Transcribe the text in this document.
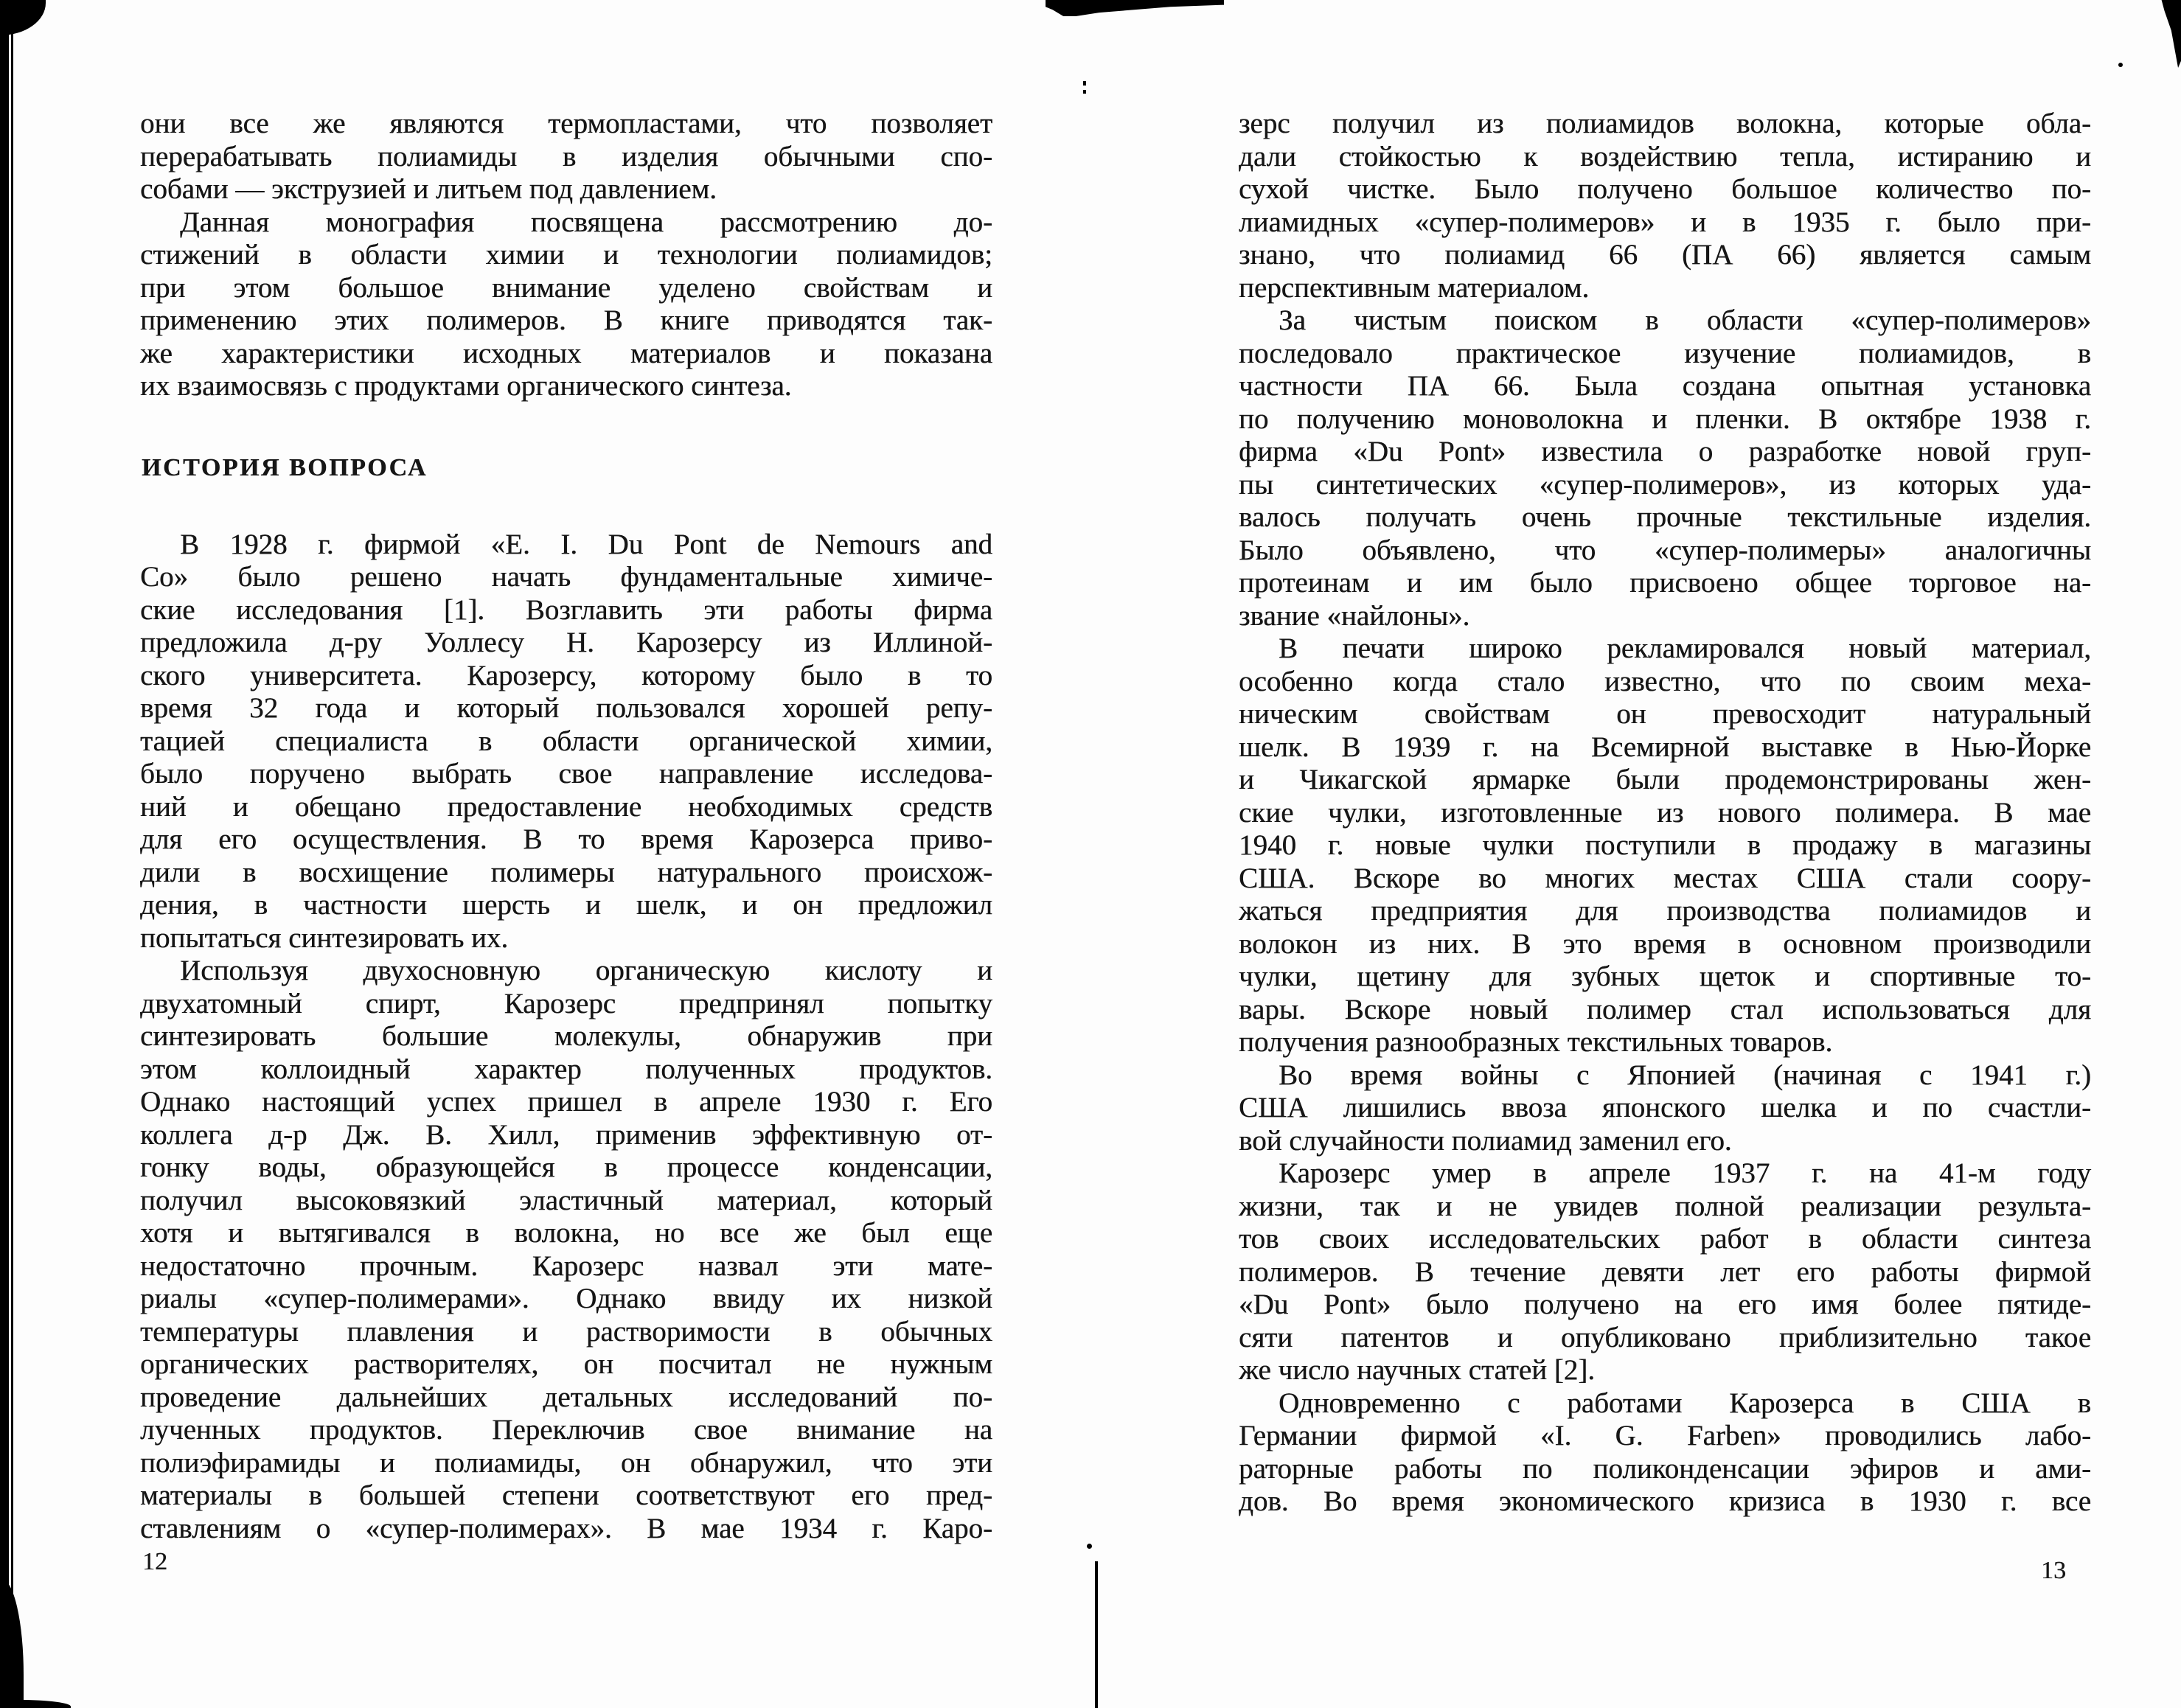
они все же являются термопластами, что позволяет
перерабатывать полиамиды в изделия обычными спо-
собами — экструзией и литьем под давлением.
Данная монография посвящена рассмотрению до-
стижений в области химии и технологии полиамидов;
при этом большое внимание уделено свойствам и
применению этих полимеров. В книге приводятся так-
же характеристики исходных материалов и показана
их взаимосвязь с продуктами органического синтеза.
ИСТОРИЯ ВОПРОСА
В 1928 г. фирмой «E. I. Du Pont de Nemours and
Co» было решено начать фундаментальные химиче-
ские исследования [1]. Возглавить эти работы фирма
предложила д-ру Уоллесу Н. Карозерсу из Иллиной-
ского университета. Карозерсу, которому было в то
время 32 года и который пользовался хорошей репу-
тацией специалиста в области органической химии,
было поручено выбрать свое направление исследова-
ний и обещано предоставление необходимых средств
для его осуществления. В то время Карозерса приво-
дили в восхищение полимеры натурального происхож-
дения, в частности шерсть и шелк, и он предложил
попытаться синтезировать их.
Используя двухосновную органическую кислоту и
двухатомный спирт, Карозерс предпринял попытку
синтезировать большие молекулы, обнаружив при
этом коллоидный характер полученных продуктов.
Однако настоящий успех пришел в апреле 1930 г. Его
коллега д-р Дж. В. Хилл, применив эффективную от-
гонку воды, образующейся в процессе конденсации,
получил высоковязкий эластичный материал, который
хотя и вытягивался в волокна, но все же был еще
недостаточно прочным. Карозерс назвал эти мате-
риалы «супер-полимерами». Однако ввиду их низкой
температуры плавления и растворимости в обычных
органических растворителях, он посчитал не нужным
проведение дальнейших детальных исследований по-
лученных продуктов. Переключив свое внимание на
полиэфирамиды и полиамиды, он обнаружил, что эти
материалы в большей степени соответствуют его пред-
ставлениям о «супер-полимерах». В мае 1934 г. Каро-
зерс получил из полиамидов волокна, которые обла-
дали стойкостью к воздействию тепла, истиранию и
сухой чистке. Было получено большое количество по-
лиамидных «супер-полимеров» и в 1935 г. было при-
знано, что полиамид 66 (ПА 66) является самым
перспективным материалом.
За чистым поиском в области «супер-полимеров»
последовало практическое изучение полиамидов, в
частности ПА 66. Была создана опытная установка
по получению моноволокна и пленки. В октябре 1938 г.
фирма «Du Pont» известила о разработке новой груп-
пы синтетических «супер-полимеров», из которых уда-
валось получать очень прочные текстильные изделия.
Было объявлено, что «супер-полимеры» аналогичны
протеинам и им было присвоено общее торговое на-
звание «найлоны».
В печати широко рекламировался новый материал,
особенно когда стало известно, что по своим меха-
ническим свойствам он превосходит натуральный
шелк. В 1939 г. на Всемирной выставке в Нью-Йорке
и Чикагской ярмарке были продемонстрированы жен-
ские чулки, изготовленные из нового полимера. В мае
1940 г. новые чулки поступили в продажу в магазины
США. Вскоре во многих местах США стали соору-
жаться предприятия для производства полиамидов и
волокон из них. В это время в основном производили
чулки, щетину для зубных щеток и спортивные то-
вары. Вскоре новый полимер стал использоваться для
получения разнообразных текстильных товаров.
Во время войны с Японией (начиная с 1941 г.)
США лишились ввоза японского шелка и по счастли-
вой случайности полиамид заменил его.
Карозерс умер в апреле 1937 г. на 41-м году
жизни, так и не увидев полной реализации результа-
тов своих исследовательских работ в области синтеза
полимеров. В течение девяти лет его работы фирмой
«Du Pont» было получено на его имя более пятиде-
сяти патентов и опубликовано приблизительно такое
же число научных статей [2].
Одновременно с работами Карозерса в США в
Германии фирмой «I. G. Farben» проводились лабо-
раторные работы по поликонденсации эфиров и ами-
дов. Во время экономического кризиса в 1930 г. все
12	13
